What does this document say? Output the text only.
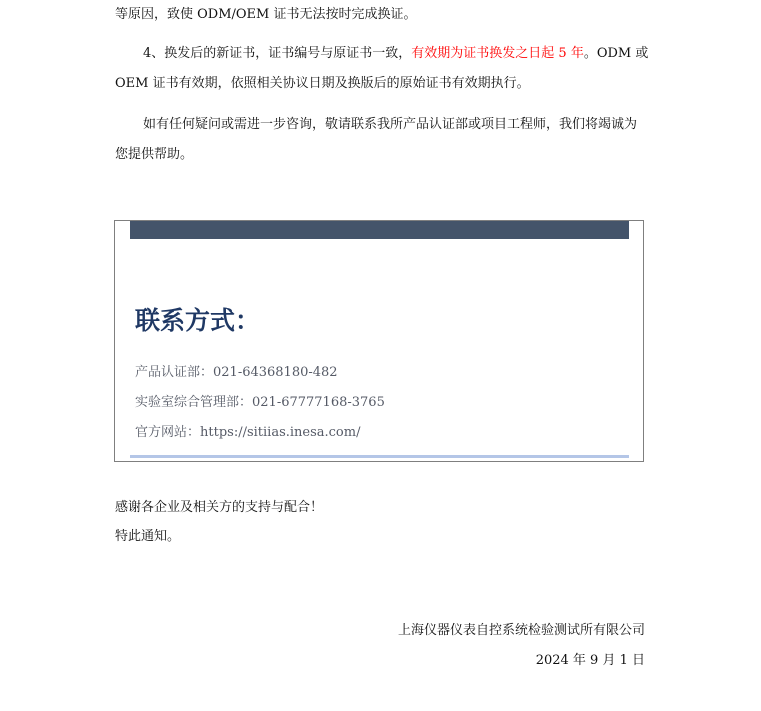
等原因，致使 ODM/OEM 证书无法按时完成换证。
4、换发后的新证书，证书编号与原证书一致，有效期为证书换发之日起 5 年。ODM 或
OEM 证书有效期，依照相关协议日期及换版后的原始证书有效期执行。
如有任何疑问或需进一步咨询，敬请联系我所产品认证部或项目工程师，我们将竭诚为
您提供帮助。
联系方式：
产品认证部：021-64368180-482
实验室综合管理部：021-67777168-3765
官方网站：https://sitiias.inesa.com/
感谢各企业及相关方的支持与配合！
特此通知。
上海仪器仪表自控系统检验测试所有限公司
2024 年 9 月 1 日
